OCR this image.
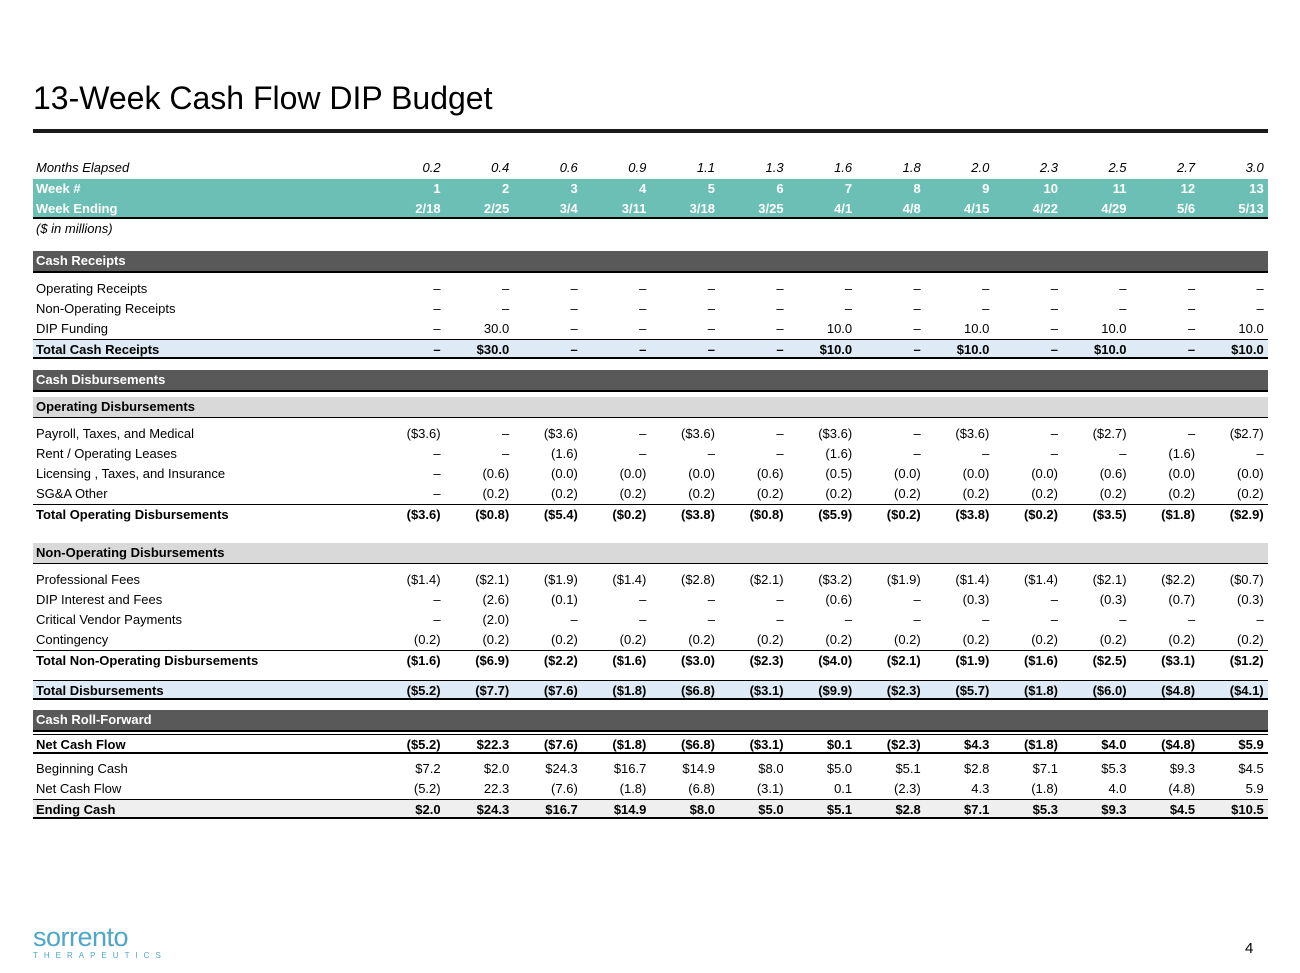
13-Week Cash Flow DIP Budget
Months Elapsed	0.2	0.4	0.6	0.9	1.1	1.3	1.6	1.8	2.0	2.3	2.5	2.7	3.0
Week #	1	2	3	4	5	6	7	8	9	10	11	12	13
Week Ending	2/18	2/25	3/4	3/11	3/18	3/25	4/1	4/8	4/15	4/22	4/29	5/6	5/13
($ in millions)
Cash Receipts
Operating Receipts	–	–	–	–	–	–	–	–	–	–	–	–	–
Non-Operating Receipts	–	–	–	–	–	–	–	–	–	–	–	–	–
DIP Funding	–	30.0	–	–	–	–	10.0	–	10.0	–	10.0	–	10.0
Total Cash Receipts	–	$30.0	–	–	–	–	$10.0	–	$10.0	–	$10.0	–	$10.0
Cash Disbursements
Operating Disbursements
Payroll, Taxes, and Medical	($3.6)	–	($3.6)	–	($3.6)	–	($3.6)	–	($3.6)	–	($2.7)	–	($2.7)
Rent / Operating Leases	–	–	(1.6)	–	–	–	(1.6)	–	–	–	–	(1.6)	–
Licensing , Taxes, and Insurance	–	(0.6)	(0.0)	(0.0)	(0.0)	(0.6)	(0.5)	(0.0)	(0.0)	(0.0)	(0.6)	(0.0)	(0.0)
SG&A Other	–	(0.2)	(0.2)	(0.2)	(0.2)	(0.2)	(0.2)	(0.2)	(0.2)	(0.2)	(0.2)	(0.2)	(0.2)
Total Operating Disbursements	($3.6)	($0.8)	($5.4)	($0.2)	($3.8)	($0.8)	($5.9)	($0.2)	($3.8)	($0.2)	($3.5)	($1.8)	($2.9)
Non-Operating Disbursements
Professional Fees	($1.4)	($2.1)	($1.9)	($1.4)	($2.8)	($2.1)	($3.2)	($1.9)	($1.4)	($1.4)	($2.1)	($2.2)	($0.7)
DIP Interest and Fees	–	(2.6)	(0.1)	–	–	–	(0.6)	–	(0.3)	–	(0.3)	(0.7)	(0.3)
Critical Vendor Payments	–	(2.0)	–	–	–	–	–	–	–	–	–	–	–
Contingency	(0.2)	(0.2)	(0.2)	(0.2)	(0.2)	(0.2)	(0.2)	(0.2)	(0.2)	(0.2)	(0.2)	(0.2)	(0.2)
Total Non-Operating Disbursements	($1.6)	($6.9)	($2.2)	($1.6)	($3.0)	($2.3)	($4.0)	($2.1)	($1.9)	($1.6)	($2.5)	($3.1)	($1.2)
Total Disbursements	($5.2)	($7.7)	($7.6)	($1.8)	($6.8)	($3.1)	($9.9)	($2.3)	($5.7)	($1.8)	($6.0)	($4.8)	($4.1)
Cash Roll-Forward
Net Cash Flow	($5.2)	$22.3	($7.6)	($1.8)	($6.8)	($3.1)	$0.1	($2.3)	$4.3	($1.8)	$4.0	($4.8)	$5.9
Beginning Cash	$7.2	$2.0	$24.3	$16.7	$14.9	$8.0	$5.0	$5.1	$2.8	$7.1	$5.3	$9.3	$4.5
Net Cash Flow	(5.2)	22.3	(7.6)	(1.8)	(6.8)	(3.1)	0.1	(2.3)	4.3	(1.8)	4.0	(4.8)	5.9
Ending Cash	$2.0	$24.3	$16.7	$14.9	$8.0	$5.0	$5.1	$2.8	$7.1	$5.3	$9.3	$4.5	$10.5
sorrento
THERAPEUTICS	4
